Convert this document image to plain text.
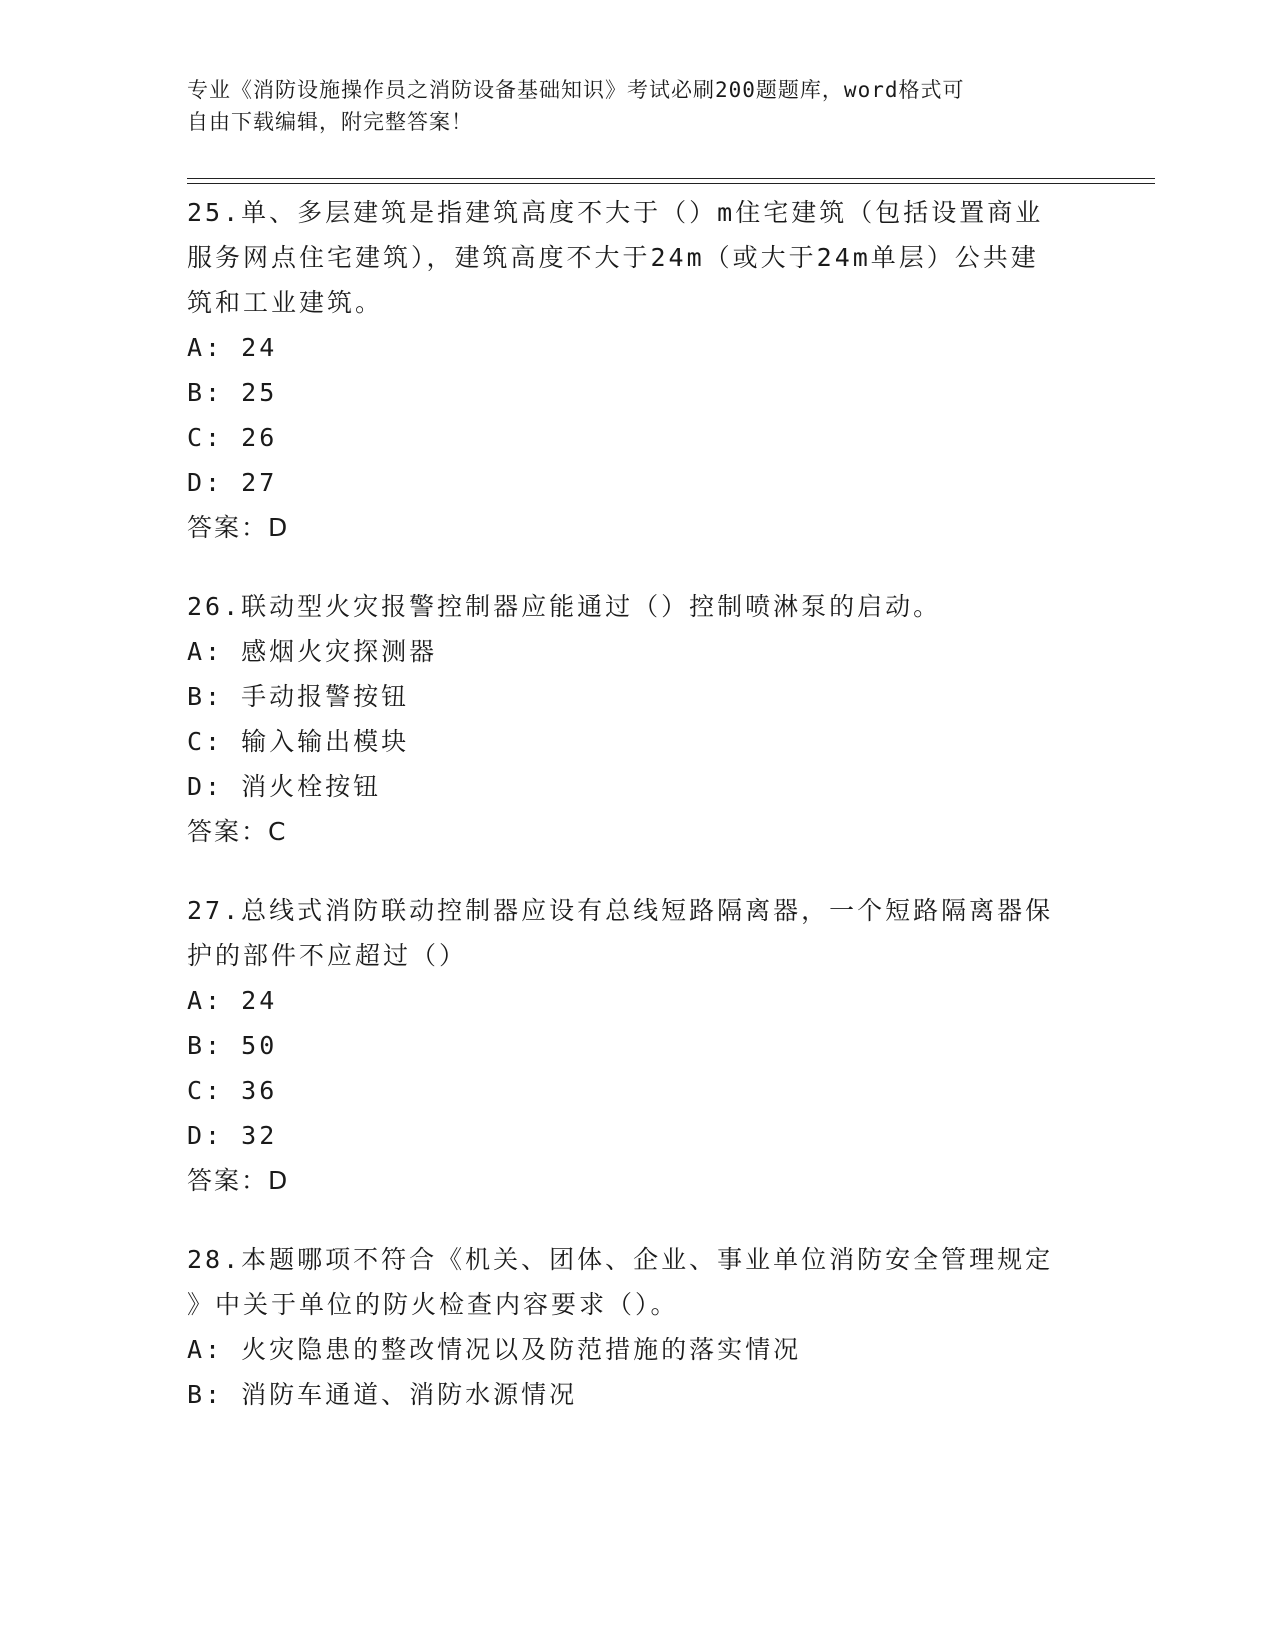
专业《消防设施操作员之消防设备基础知识》考试必刷200题题库，word格式可
自由下载编辑，附完整答案！

25.单、多层建筑是指建筑高度不大于（）m住宅建筑（包括设置商业

服务网点住宅建筑），建筑高度不大于24m（或大于24m单层）公共建

筑和工业建筑。

A: 24

B: 25

C: 26

D: 27

答案：D

26.联动型火灾报警控制器应能通过（）控制喷淋泵的启动。

A: 感烟火灾探测器

B: 手动报警按钮

C: 输入输出模块

D: 消火栓按钮

答案：C

27.总线式消防联动控制器应设有总线短路隔离器，一个短路隔离器保

护的部件不应超过（）

A: 24

B: 50

C: 36

D: 32

答案：D

28.本题哪项不符合《机关、团体、企业、事业单位消防安全管理规定

》中关于单位的防火检查内容要求（）。

A: 火灾隐患的整改情况以及防范措施的落实情况

B: 消防车通道、消防水源情况
